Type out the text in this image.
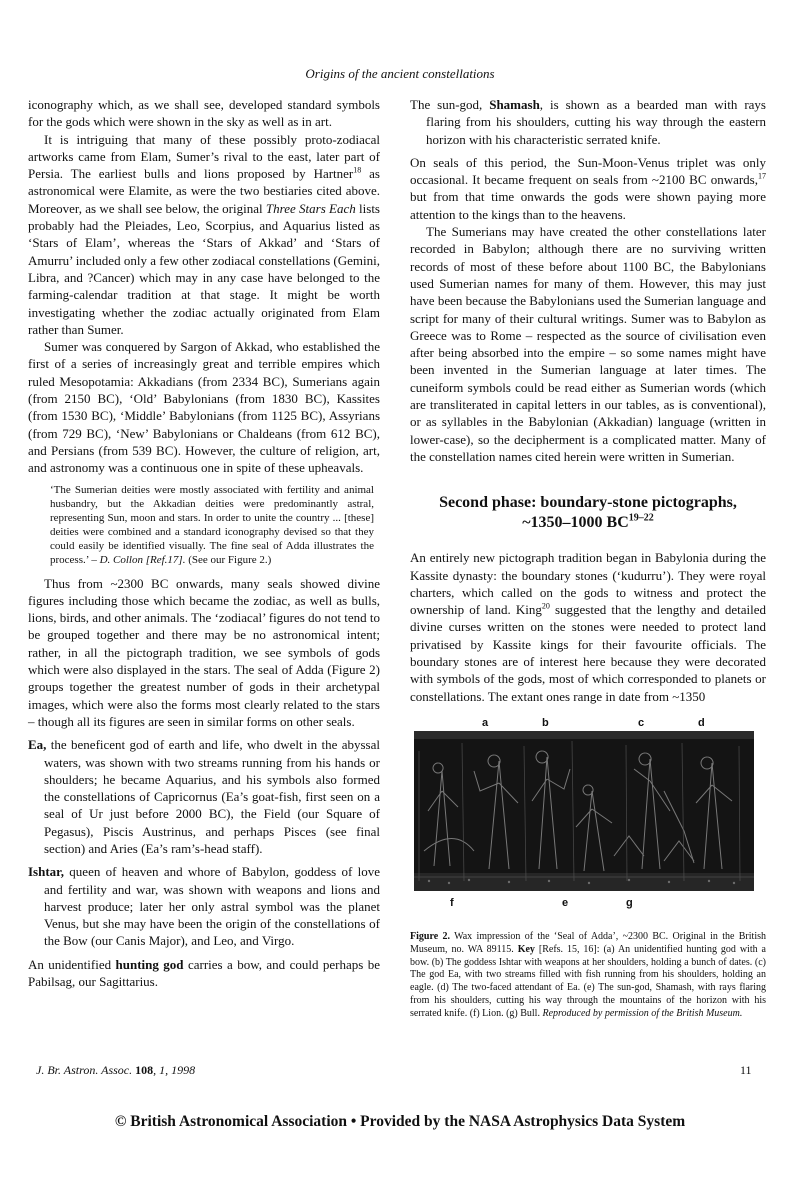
Origins of the ancient constellations

iconography which, as we shall see, developed standard symbols for the gods which were shown in the sky as well as in art.

It is intriguing that many of these possibly proto-zodiacal artworks came from Elam, Sumer’s rival to the east, later part of Persia. The earliest bulls and lions proposed by Hartner$^{18}$ as astronomical were Elamite, as were the two bestiaries cited above. Moreover, as we shall see below, the original Three Stars Each lists probably had the Pleiades, Leo, Scorpius, and Aquarius listed as ‘Stars of Elam’, whereas the ‘Stars of Akkad’ and ‘Stars of Amurru’ included only a few other zodiacal constellations (Gemini, Libra, and ?Cancer) which may in any case have belonged to the farming-calendar tradition at that stage. It might be worth investigating whether the zodiac actually originated from Elam rather than Sumer.

Sumer was conquered by Sargon of Akkad, who established the first of a series of increasingly great and terrible empires which ruled Mesopotamia: Akkadians (from 2334 BC), Sumerians again (from 2150 BC), ‘Old’ Babylonians (from 1830 BC), Kassites (from 1530 BC), ‘Middle’ Babylonians (from 1125 BC), Assyrians (from 729 BC), ‘New’ Babylonians or Chaldeans (from 612 BC), and Persians (from 539 BC). However, the culture of religion, art, and astronomy was a continuous one in spite of these upheavals.

‘The Sumerian deities were mostly associated with fertility and animal husbandry, but the Akkadian deities were predominantly astral, representing Sun, moon and stars. In order to unite the country ... [these] deities were combined and a standard iconography devised so that they could easily be identified visually. The fine seal of Adda illustrates the process.’ – D. Collon [Ref.17]. (See our Figure 2.)

Thus from ~2300 BC onwards, many seals showed divine figures including those which became the zodiac, as well as bulls, lions, birds, and other animals. The ‘zodiacal’ figures do not tend to be grouped together and there may be no astronomical intent; rather, in all the pictograph tradition, we see symbols of gods which were also displayed in the stars. The seal of Adda (Figure 2) groups together the greatest number of gods in their archetypal images, which were also the forms most clearly related to the stars – though all its figures are seen in similar forms on other seals.

Ea, the beneficent god of earth and life, who dwelt in the abyssal waters, was shown with two streams running from his hands or shoulders; he became Aquarius, and his symbols also formed the constellations of Capricornus (Ea’s goat-fish, first seen on a seal of Ur just before 2000 BC), the Field (our Square of Pegasus), Piscis Austrinus, and perhaps Pisces (see final section) and Aries (Ea’s ram’s-head staff).

Ishtar, queen of heaven and whore of Babylon, goddess of love and fertility and war, was shown with weapons and lions and harvest produce; later her only astral symbol was the planet Venus, but she may have been the origin of the constellations of the Bow (our Canis Major), and Leo, and Virgo.

An unidentified hunting god carries a bow, and could perhaps be Pabilsag, our Sagittarius.

The sun-god, Shamash, is shown as a bearded man with rays flaring from his shoulders, cutting his way through the eastern horizon with his characteristic serrated knife.

On seals of this period, the Sun-Moon-Venus triplet was only occasional. It became frequent on seals from ~2100 BC onwards,$^{17}$ but from that time onwards the gods were shown paying more attention to the kings than to the heavens.

The Sumerians may have created the other constellations later recorded in Babylon; although there are no surviving written records of most of these before about 1100 BC, the Babylonians used Sumerian names for many of them. However, this may just have been because the Babylonians used the Sumerian language and script for many of their cultural writings. Sumer was to Babylon as Greece was to Rome – respected as the source of civilisation even after being absorbed into the empire – so some names might have been invented in the Sumerian language at later times. The cuneiform symbols could be read either as Sumerian words (which are transliterated in capital letters in our tables, as is conventional), or as syllables in the Babylonian (Akkadian) language (written in lower-case), so the decipherment is a complicated matter. Many of the constellation names cited herein were written in Sumerian.

Second phase: boundary-stone pictographs,
~1350–1000 BC$^{19-22}$

An entirely new pictograph tradition began in Babylonia during the Kassite dynasty: the boundary stones (‘kudurru’). They were royal charters, which called on the gods to witness and protect the ownership of land. King$^{20}$ suggested that the lengthy and detailed divine curses written on the stones were needed to protect land privatised by Kassite kings for their favourite officials. The boundary stones are of interest here because they were decorated with symbols of the gods, most of which corresponded to planets or constellations. The extant ones range in date from ~1350

a	b	c	d
f	e	g

Figure 2. Wax impression of the ‘Seal of Adda’, ~2300 BC. Original in the British Museum, no. WA 89115. Key [Refs. 15, 16]: (a) An unidentified hunting god with a bow. (b) The goddess Ishtar with weapons at her shoulders, holding a bunch of dates. (c) The god Ea, with two streams filled with fish running from his shoulders, holding an eagle. (d) The two-faced attendant of Ea. (e) The sun-god, Shamash, with rays flaring from his shoulders, cutting his way through the mountains of the horizon with his serrated knife. (f) Lion. (g) Bull. Reproduced by permission of the British Museum.

J. Br. Astron. Assoc. 108, 1, 1998	11
© British Astronomical Association • Provided by the NASA Astrophysics Data System
